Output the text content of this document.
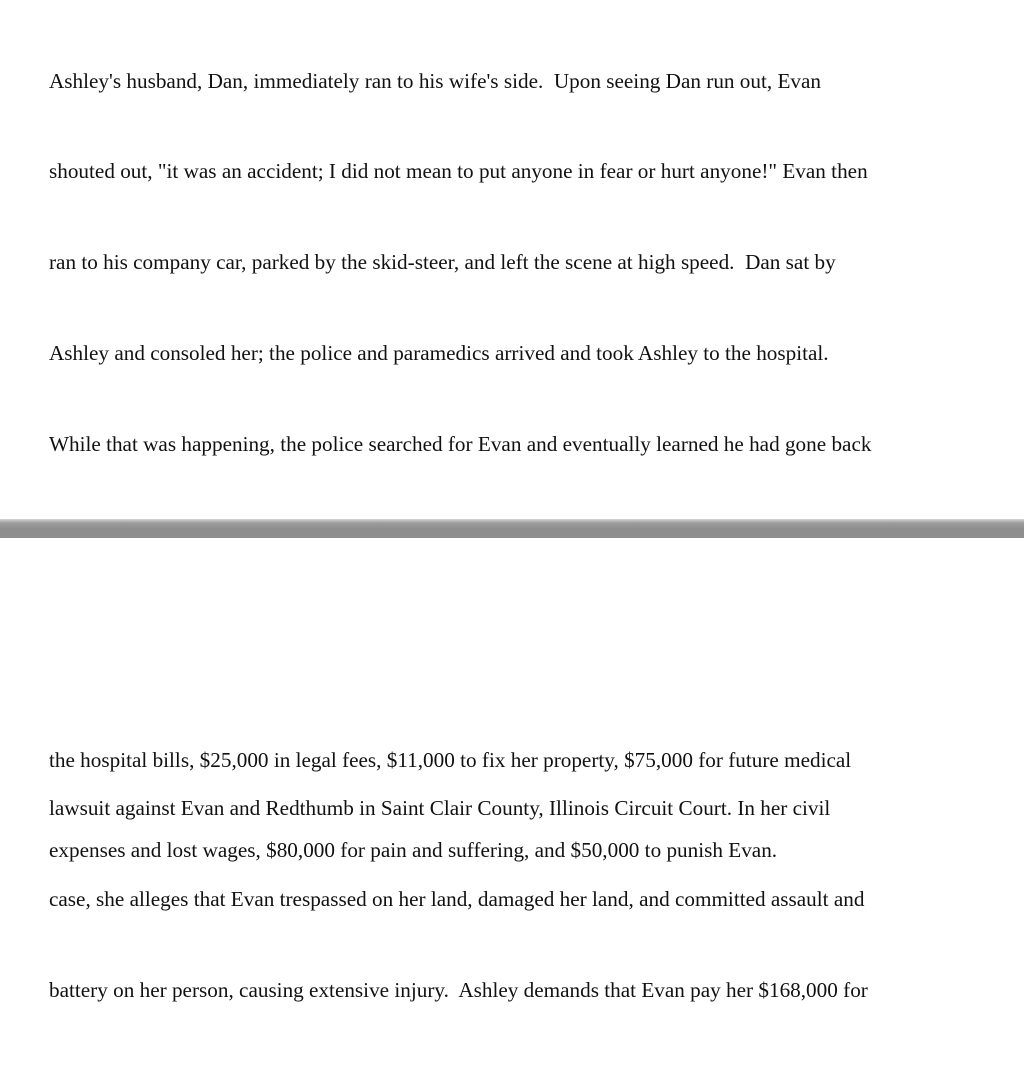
Ashley's husband, Dan, immediately ran to his wife's side.  Upon seeing Dan run out, Evan

shouted out, "it was an accident; I did not mean to put anyone in fear or hurt anyone!" Evan then

ran to his company car, parked by the skid-steer, and left the scene at high speed.  Dan sat by

Ashley and consoled her; the police and paramedics arrived and took Ashley to the hospital.

While that was happening, the police searched for Evan and eventually learned he had gone back

lawsuit against Evan and Redthumb in Saint Clair County, Illinois Circuit Court. In her civil

case, she alleges that Evan trespassed on her land, damaged her land, and committed assault and

battery on her person, causing extensive injury.  Ashley demands that Evan pay her $168,000 for

the hospital bills, $25,000 in legal fees, $11,000 to fix her property, $75,000 for future medical

expenses and lost wages, $80,000 for pain and suffering, and $50,000 to punish Evan.
